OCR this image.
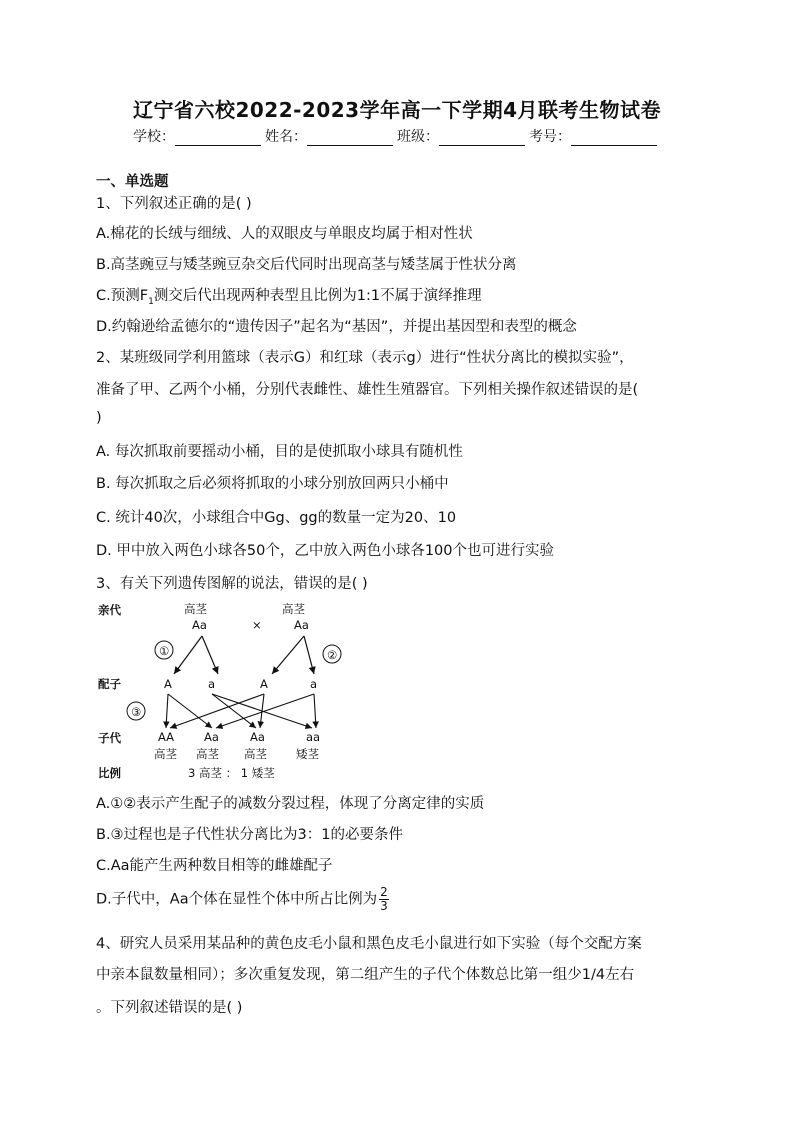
辽宁省六校2022-2023学年高一下学期4月联考生物试卷
学校：	姓名：	班级：	考号：
一、单选题
1、下列叙述正确的是( )
A.棉花的长绒与细绒、人的双眼皮与单眼皮均属于相对性状
B.高茎豌豆与矮茎豌豆杂交后代同时出现高茎与矮茎属于性状分离
C.预测$F_1$测交后代出现两种表型且比例为1:1不属于演绎推理
D.约翰逊给孟德尔的“遗传因子”起名为“基因”，并提出基因型和表型的概念
2、某班级同学利用篮球（表示G）和红球（表示g）进行“性状分离比的模拟实验”，
准备了甲、乙两个小桶，分别代表雌性、雄性生殖器官。下列相关操作叙述错误的是(
)
A. 每次抓取前要摇动小桶，目的是使抓取小球具有随机性
B. 每次抓取之后必须将抓取的小球分别放回两只小桶中
C. 统计40次，小球组合中Gg、gg的数量一定为20、10
D. 甲中放入两色小球各50个，乙中放入两色小球各100个也可进行实验
3、有关下列遗传图解的说法，错误的是( )
亲代	高茎
Aa	×
高茎
Aa
①	②
配子	A	a	A	a
③
子代	AA	Aa	Aa	aa
高茎 高茎 高茎	矮茎
比例	3 高茎 ： 1 矮茎
A.①②表示产生配子的减数分裂过程，体现了分离定律的实质
B.③过程也是子代性状分离比为3：1的必要条件
C.Aa能产生两种数目相等的雌雄配子
D.子代中，Aa个体在显性个体中所占比例为 $\frac{2}{3}$
4、研究人员采用某品种的黄色皮毛小鼠和黑色皮毛小鼠进行如下实验（每个交配方案
中亲本鼠数量相同）；多次重复发现，第二组产生的子代个体数总比第一组少1/4左右
。下列叙述错误的是( )
